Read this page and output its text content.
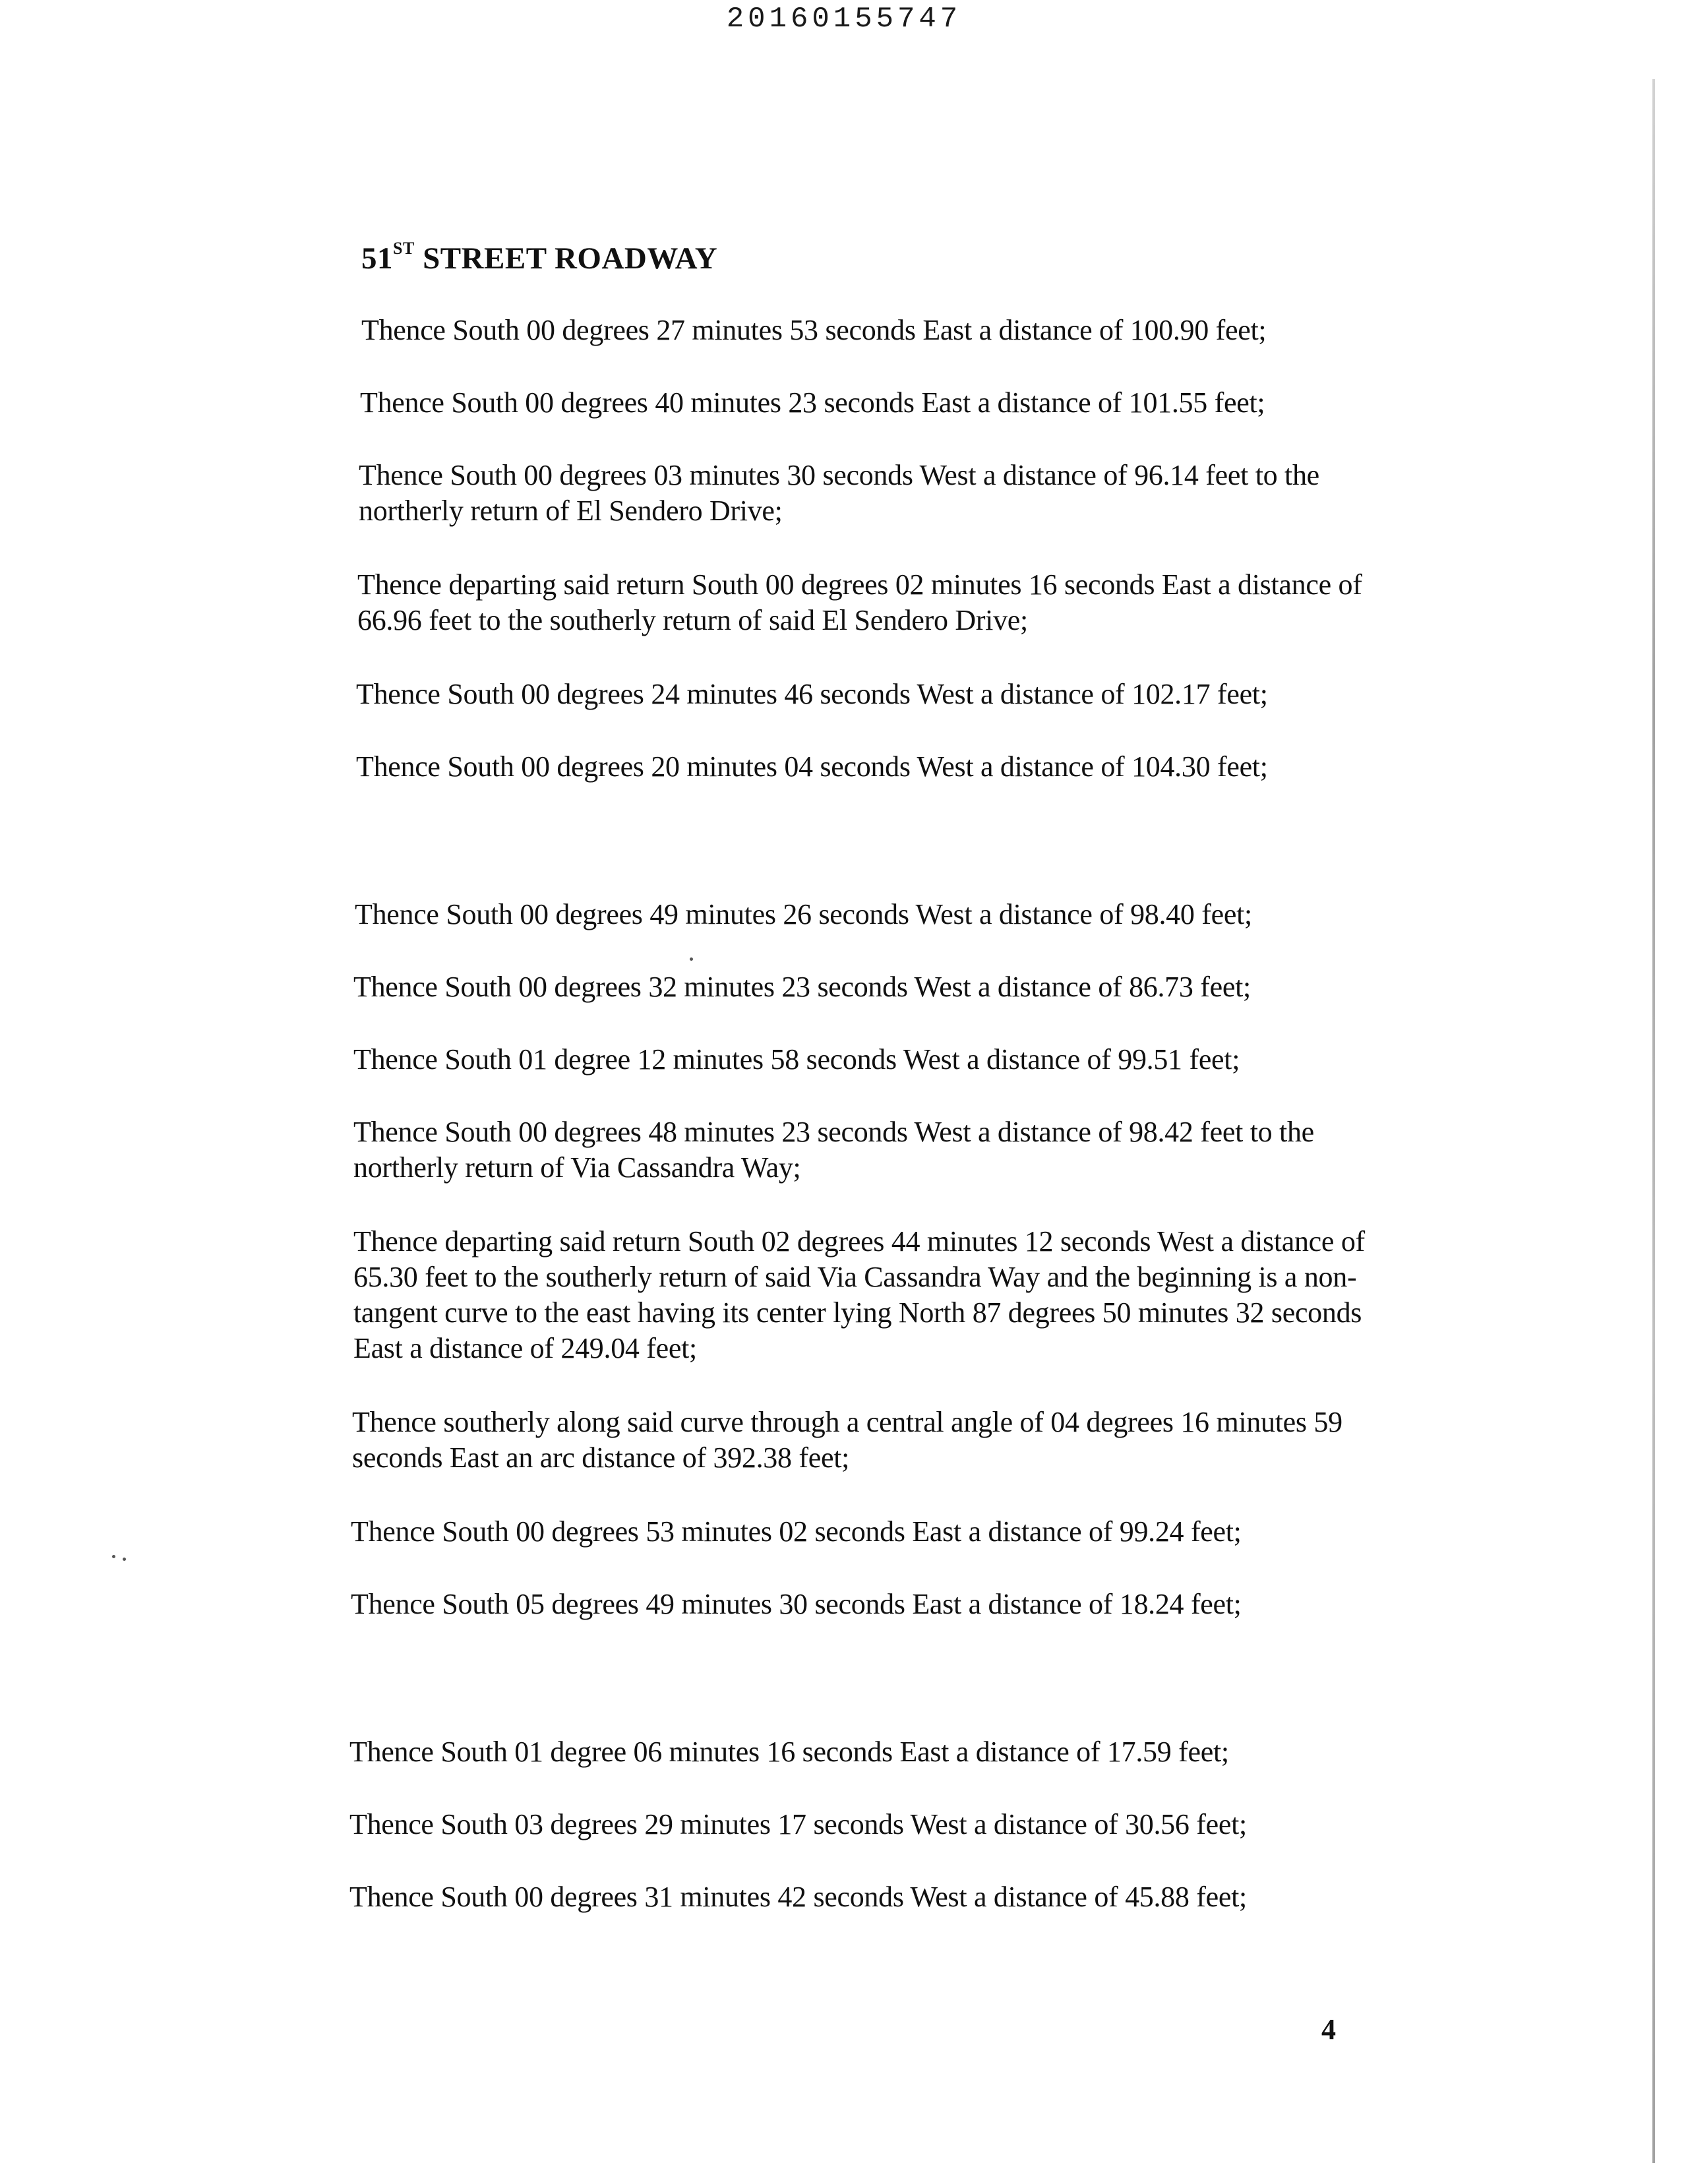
20160155747
51ST STREET ROADWAY
Thence South 00 degrees 27 minutes 53 seconds East a distance of 100.90 feet;
Thence South 00 degrees 40 minutes 23 seconds East a distance of 101.55 feet;
Thence South 00 degrees 03 minutes 30 seconds West a distance of 96.14 feet to the northerly return of El Sendero Drive;
Thence departing said return South 00 degrees 02 minutes 16 seconds East a distance of 66.96 feet to the southerly return of said El Sendero Drive;
Thence South 00 degrees 24 minutes 46 seconds West a distance of 102.17 feet;
Thence South 00 degrees 20 minutes 04 seconds West a distance of 104.30 feet;
Thence South 00 degrees 49 minutes 26 seconds West a distance of 98.40 feet;
Thence South 00 degrees 32 minutes 23 seconds West a distance of 86.73 feet;
Thence South 01 degree 12 minutes 58 seconds West a distance of 99.51 feet;
Thence South 00 degrees 48 minutes 23 seconds West a distance of 98.42 feet to the northerly return of Via Cassandra Way;
Thence departing said return South 02 degrees 44 minutes 12 seconds West a distance of 65.30 feet to the southerly return of said Via Cassandra Way and the beginning is a non-tangent curve to the east having its center lying North 87 degrees 50 minutes 32 seconds East a distance of 249.04 feet;
Thence southerly along said curve through a central angle of 04 degrees 16 minutes 59 seconds East an arc distance of 392.38 feet;
Thence South 00 degrees 53 minutes 02 seconds East a distance of 99.24 feet;
Thence South 05 degrees 49 minutes 30 seconds East a distance of 18.24 feet;
Thence South 01 degree 06 minutes 16 seconds East a distance of 17.59 feet;
Thence South 03 degrees 29 minutes 17 seconds West a distance of 30.56 feet;
Thence South 00 degrees 31 minutes 42 seconds West a distance of 45.88 feet;
4
